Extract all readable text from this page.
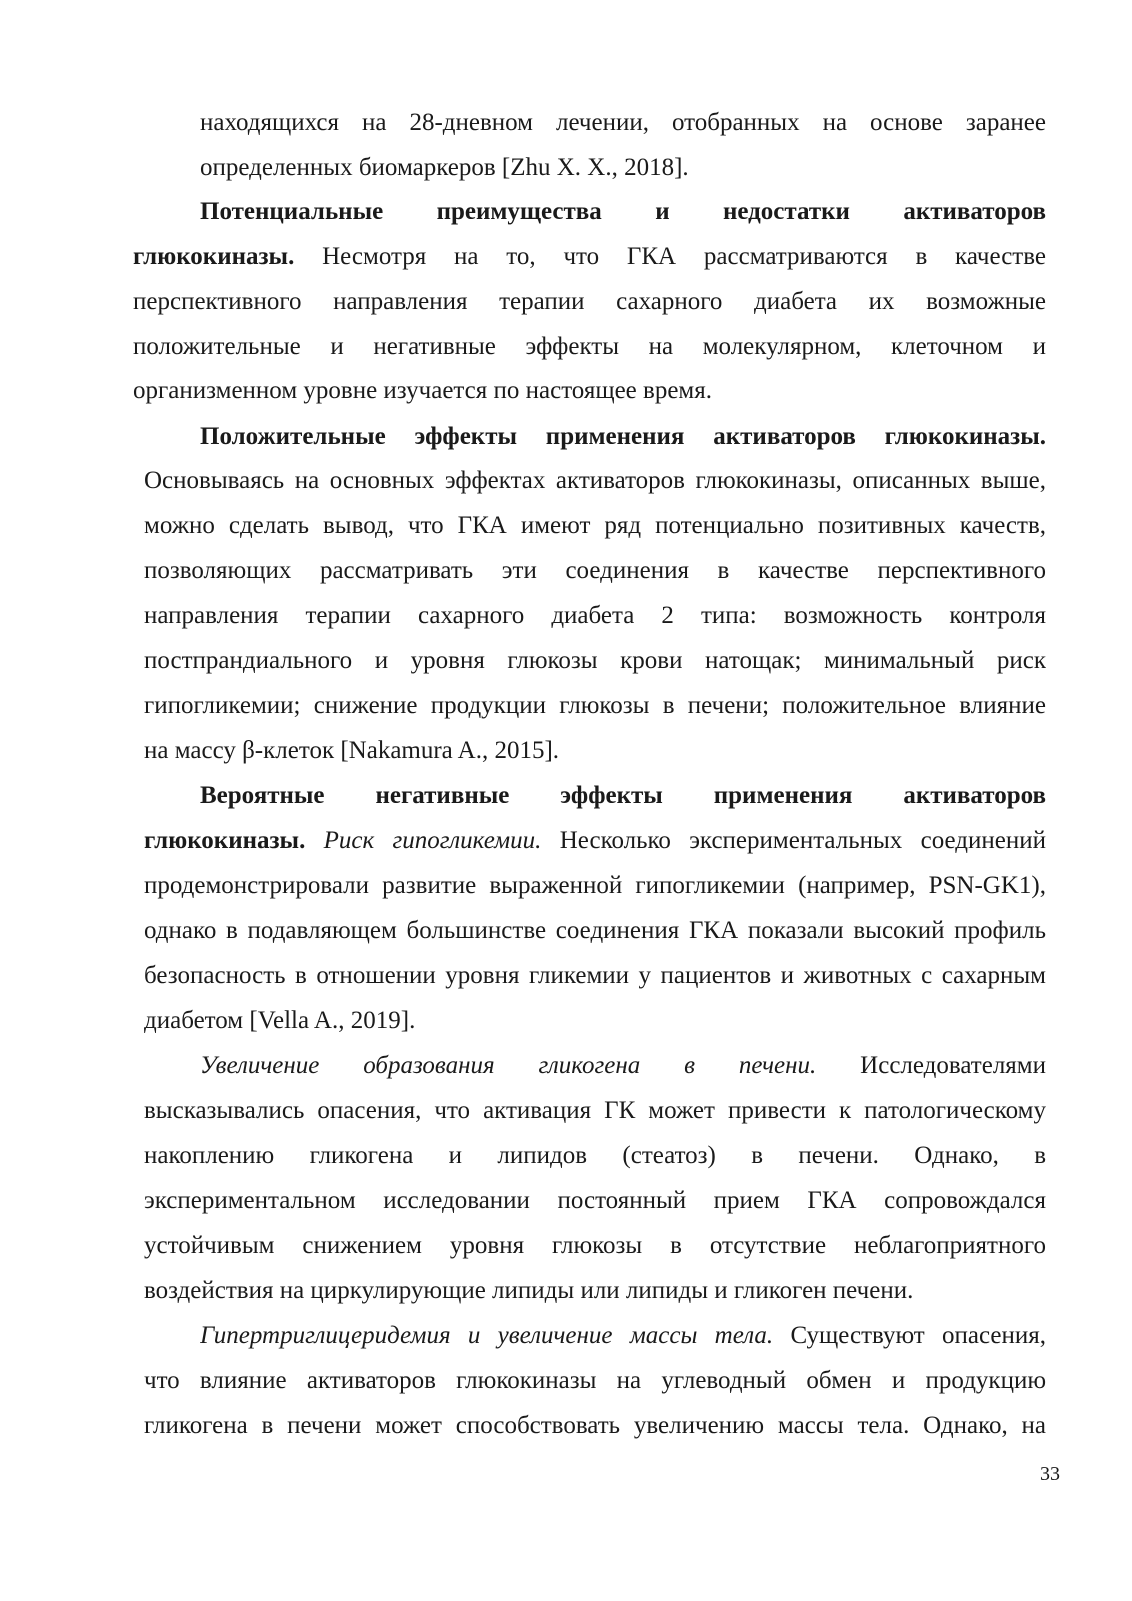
находящихся на 28-дневном лечении, отобранных на основе заранее
определенных биомаркеров [Zhu X. X., 2018].
Потенциальные преимущества и недостатки активаторов
глюкокиназы. Несмотря на то, что ГКА рассматриваются в качестве
перспективного направления терапии сахарного диабета их возможные
положительные и негативные эффекты на молекулярном, клеточном и
организменном уровне изучается по настоящее время.
Положительные эффекты применения активаторов глюкокиназы.
Основываясь на основных эффектах активаторов глюкокиназы, описанных выше,
можно сделать вывод, что ГКА имеют ряд потенциально позитивных качеств,
позволяющих рассматривать эти соединения в качестве перспективного
направления терапии сахарного диабета 2 типа: возможность контроля
постпрандиального и уровня глюкозы крови натощак; минимальный риск
гипогликемии; снижение продукции глюкозы в печени; положительное влияние
на массу β-клеток [Nakamura A., 2015].
Вероятные негативные эффекты применения активаторов
глюкокиназы. Риск гипогликемии. Несколько экспериментальных соединений
продемонстрировали развитие выраженной гипогликемии (например, PSN-GK1),
однако в подавляющем большинстве соединения ГКА показали высокий профиль
безопасность в отношении уровня гликемии у пациентов и животных с сахарным
диабетом [Vella A., 2019].
Увеличение образования гликогена в печени. Исследователями
высказывались опасения, что активация ГК может привести к патологическому
накоплению гликогена и липидов (стеатоз) в печени. Однако, в
экспериментальном исследовании постоянный прием ГКА сопровождался
устойчивым снижением уровня глюкозы в отсутствие неблагоприятного
воздействия на циркулирующие липиды или липиды и гликоген печени.
Гипертриглицеридемия и увеличение массы тела. Существуют опасения,
что влияние активаторов глюкокиназы на углеводный обмен и продукцию
гликогена в печени может способствовать увеличению массы тела. Однако, на
33
